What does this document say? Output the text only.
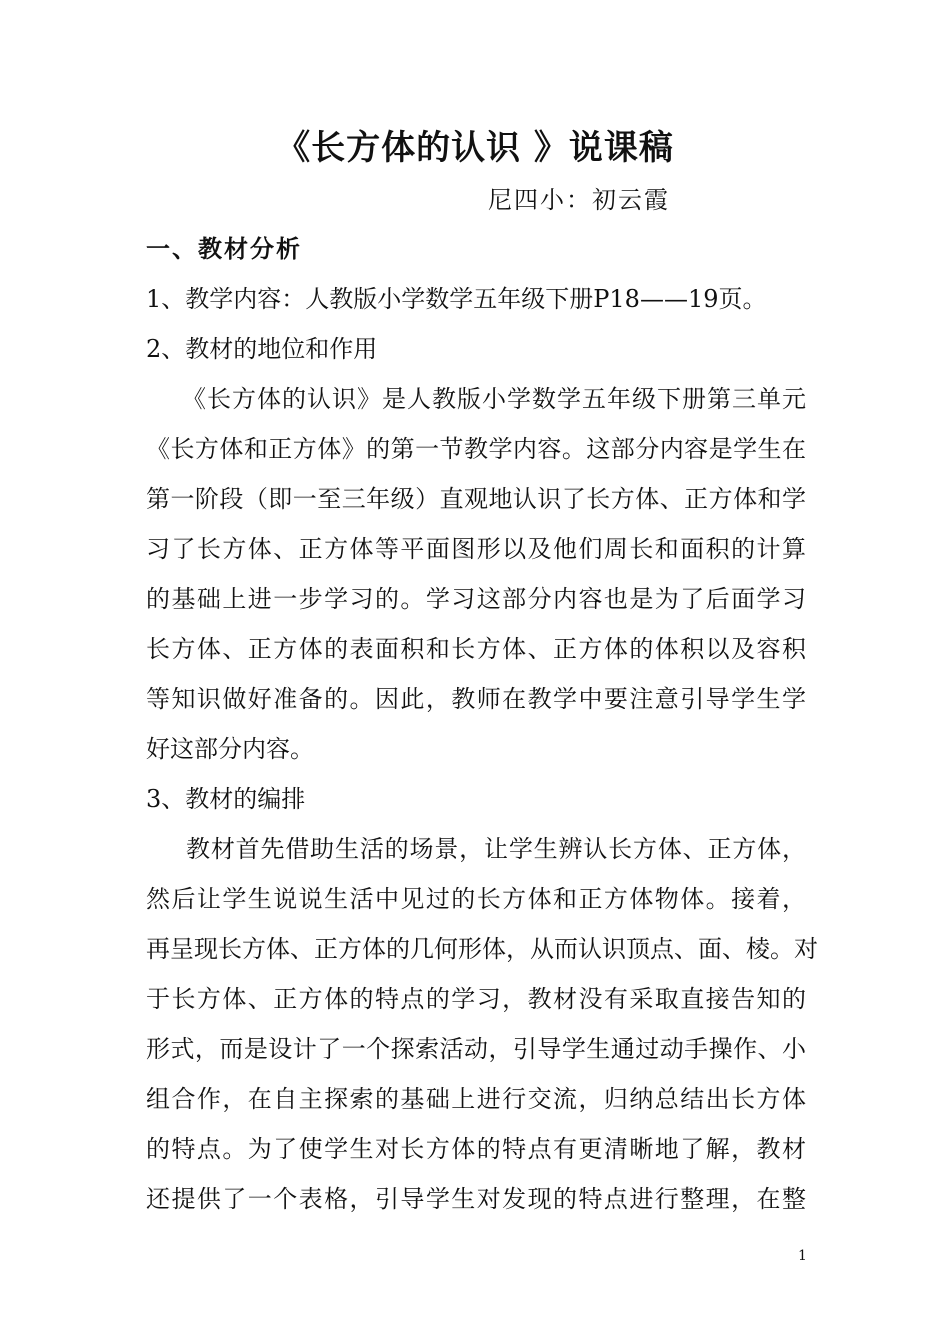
《长方体的认识 》说课稿
尼四小：初云霞
一、教材分析
1、教学内容：人教版小学数学五年级下册P18——19页。
2、教材的地位和作用
《长方体的认识》是人教版小学数学五年级下册第三单元
《长方体和正方体》的第一节教学内容。这部分内容是学生在
第一阶段（即一至三年级）直观地认识了长方体、正方体和学
习了长方体、正方体等平面图形以及他们周长和面积的计算
的基础上进一步学习的。学习这部分内容也是为了后面学习
长方体、正方体的表面积和长方体、正方体的体积以及容积
等知识做好准备的。因此，教师在教学中要注意引导学生学
好这部分内容。
3、教材的编排
教材首先借助生活的场景，让学生辨认长方体、正方体，
然后让学生说说生活中见过的长方体和正方体物体。接着，
再呈现长方体、正方体的几何形体，从而认识顶点、面、棱。对
于长方体、正方体的特点的学习，教材没有采取直接告知的
形式，而是设计了一个探索活动，引导学生通过动手操作、小
组合作，在自主探索的基础上进行交流，归纳总结出长方体
的特点。为了使学生对长方体的特点有更清晰地了解，教材
还提供了一个表格，引导学生对发现的特点进行整理，在整
1
